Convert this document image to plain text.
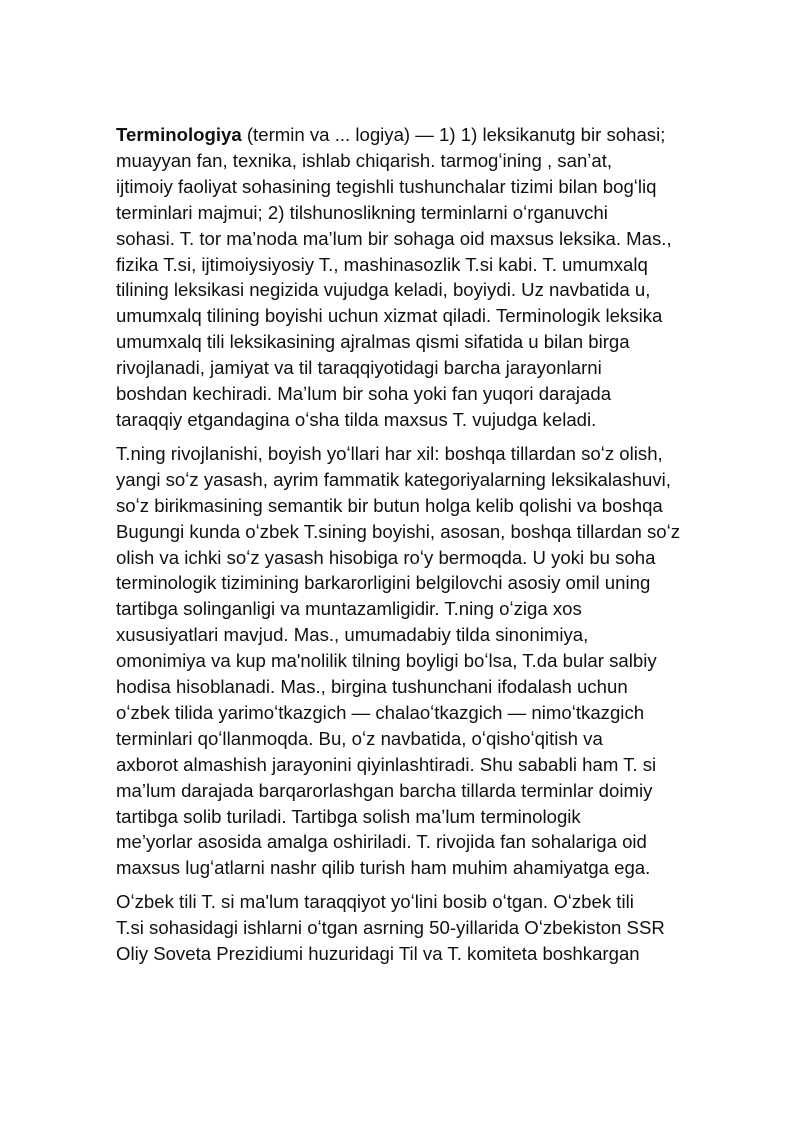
Terminologiya (termin va ... logiya) — 1) 1) leksikanutg bir sohasi;
muayyan fan, texnika, ishlab chiqarish. tarmogʻining , sanʼat,
ijtimoiy faoliyat sohasining tegishli tushunchalar tizimi bilan bogʻliq
terminlari majmui; 2) tilshunoslikning terminlarni oʻrganuvchi
sohasi. T. tor ma’noda ma’lum bir sohaga oid maxsus leksika. Mas.,
fizika T.si, ijtimoiysiyosiy T., mashinasozlik T.si kabi. T. umumxalq
tilining leksikasi negizida vujudga keladi, boyiydi. Uz navbatida u,
umumxalq tilining boyishi uchun xizmat qiladi. Terminologik leksika
umumxalq tili leksikasining ajralmas qismi sifatida u bilan birga
rivojlanadi, jamiyat va til taraqqiyotidagi barcha jarayonlarni
boshdan kechiradi. Maʼlum bir soha yoki fan yuqori darajada
taraqqiy etgandagina oʻsha tilda maxsus T. vujudga keladi.

T.ning rivojlanishi, boyish yoʻllari har xil: boshqa tillardan soʻz olish,
yangi soʻz yasash, ayrim fammatik kategoriyalarning leksikalashuvi,
soʻz birikmasining semantik bir butun holga kelib qolishi va boshqa
Bugungi kunda oʻzbek T.sining boyishi, asosan, boshqa tillardan soʻz
olish va ichki soʻz yasash hisobiga roʻy bermoqda. U yoki bu soha
terminologik tizimining barkarorligini belgilovchi asosiy omil uning
tartibga solinganligi va muntazamligidir. T.ning oʻziga xos
xususiyatlari mavjud. Mas., umumadabiy tilda sinonimiya,
omonimiya va kup ma'nolilik tilning boyligi boʻlsa, T.da bular salbiy
hodisa hisoblanadi. Mas., birgina tushunchani ifodalash uchun
oʻzbek tilida yarimoʻtkazgich — chalaoʻtkazgich — nimoʻtkazgich
terminlari qoʻllanmoqda. Bu, oʻz navbatida, oʻqishoʻqitish va
axborot almashish jarayonini qiyinlashtiradi. Shu sababli ham T. si
ma’lum darajada barqarorlashgan barcha tillarda terminlar doimiy
tartibga solib turiladi. Tartibga solish maʼlum terminologik
me’yorlar asosida amalga oshiriladi. T. rivojida fan sohalariga oid
maxsus lugʻatlarni nashr qilib turish ham muhim ahamiyatga ega.

Oʻzbek tili T. si ma'lum taraqqiyot yoʻlini bosib oʻtgan. Oʻzbek tili
T.si sohasidagi ishlarni oʻtgan asrning 50-yillarida Oʻzbekiston SSR
Oliy Soveta Prezidiumi huzuridagi Til va T. komiteta boshkargan
